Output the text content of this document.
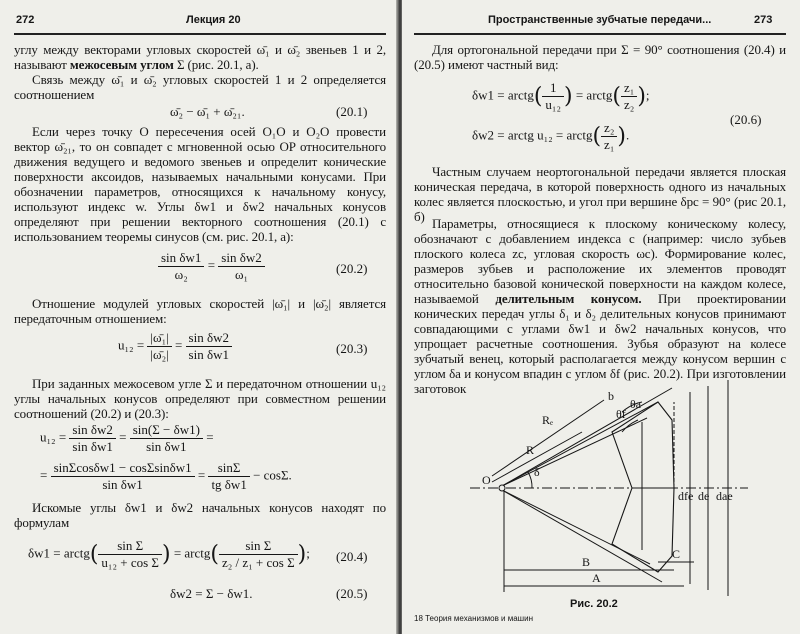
272	Лекция 20

углу между векторами угловых скоростей ω̄₁ и ω̄₂ звеньев 1 и 2, называют межосевым углом Σ (рис. 20.1, а).

Связь между ω̄₁ и ω̄₂ угловых скоростей 1 и 2 определяется соотношением

ω̄₂ − ω̄₁ + ω̄₂₁.	(20.1)

Если через точку O пересечения осей O₁O и O₂O провести вектор ω̄₂₁, то он совпадет с мгновенной осью OP относительного движения ведущего и ведомого звеньев и определит конические поверхности аксоидов, называемых начальными конусами. При обозначении параметров, относящихся к начальному конусу, используют индекс w. Углы δw1 и δw2 начальных конусов определяют при решении векторного соотношения (20.1) с использованием теоремы синусов (см. рис. 20.1, а):

$\frac{\text{sin δw1}}{\text{ω₂}} = \frac{\text{sin δw2}}{\text{ω₁}}$	(20.2)

Отношение модулей угловых скоростей |ω̄₁| и |ω̄₂| является передаточным отношением:

$u_{12} = \frac{\text{|ω̄₁|}}{\text{|ω̄₂|}} = \frac{\text{sin δw2}}{\text{sin δw1}}$	(20.3)

При заданных межосевом угле Σ и передаточном отношении u₁₂ углы начальных конусов определяют при совместном решении соотношений (20.2) и (20.3):

$u_{12} = \frac{\text{sin δw2}}{\text{sin δw1}} = \frac{\sin(\Sigma - \delta w1)}{\text{sin δw1}}$ =
= $\frac{\sin\Sigma\cos\delta w1 - \cos\Sigma\sin\delta w1}{\text{sin δw1}} = \frac{\sin\Sigma}{\text{tg δw1}} - \cos\Sigma$.

Искомые углы δw1 и δw2 начальных конусов находят по формулам

δw1 = arctg( $\frac{\text{sin Σ}}{\text{u₁₂ + cos Σ}}$ ) = arctg( $\frac{\text{sin Σ}}{\text{z₂ / z₁ + cos Σ}}$ ); (20.4)
δw2 = Σ − δw1.	(20.5)
Пространственные зубчатые передачи...	273

Для ортогональной передачи при Σ = 90° соотношения (20.4) и (20.5) имеют частный вид:

δw1 = arctg( $\frac{1}{\text{u₁₂}}$ ) = arctg( $\frac{\text{z₁}}{\text{z₂}}$ );
δw2 = arctg u₁₂ = arctg( $\frac{\text{z₂}}{\text{z₁}}$ ).
(20.6)

Частным случаем неортогональной передачи является плоская коническая передача, в которой поверхность одного из начальных колес является плоскостью, и угол при вершине δpc = 90° (рис 20.1, б) Параметры, относящиеся к плоскому коническому колесу, обозначают с добавлением индекса c (например: число зубьев плоского колеса zc, угловая скорость ωc). Формирование колес, размеров зубьев и расположение их элементов проводят относительно базовой конической поверхности на каждом колесе, называемой делительным конусом. При проектировании конических передач углы δ₁ и δ₂ делительных конусов принимают совпадающими с углами δw1 и δw2 начальных конусов, что упрощает расчетные соотношения. Зубья образуют на колесе зубчатый венец, который располагается между конусом вершин с углом δa и конусом впадин с углом δf (рис. 20.2). При изготовлении заготовок

Rₑ
R
b
θf
θa
δ
O
dfe de dae
B
A
C
Рис. 20.2
18 Теория механизмов и машин
